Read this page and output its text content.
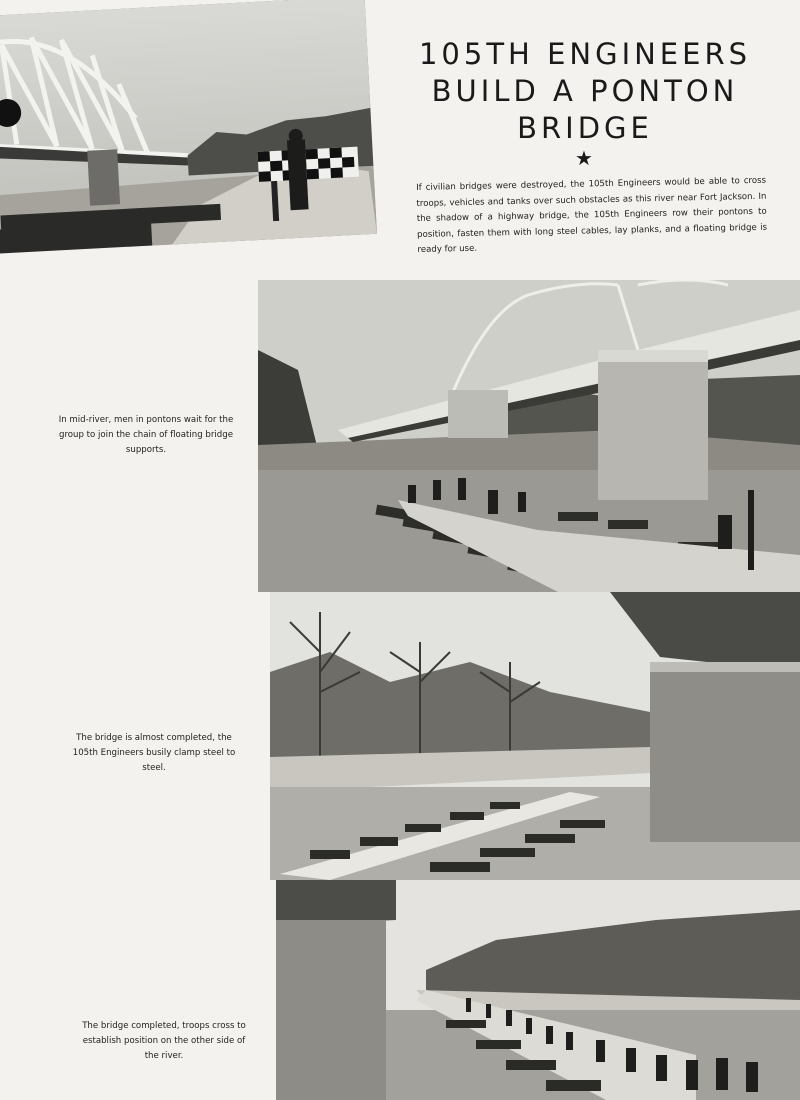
105TH ENGINEERS
BUILD A PONTON
BRIDGE
★
If civilian bridges were destroyed, the 105th Engineers would be able to cross troops, vehicles and tanks over such obstacles as this river near Fort Jackson. In the shadow of a highway bridge, the 105th Engineers row their pontons to position, fasten them with long steel cables, lay planks, and a floating bridge is ready for use.
In mid-river, men in pontons wait for the group to join the chain of floating bridge supports.
The bridge is almost completed, the 105th Engineers busily clamp steel to steel.
The bridge completed, troops cross to establish position on the other side of the river.
